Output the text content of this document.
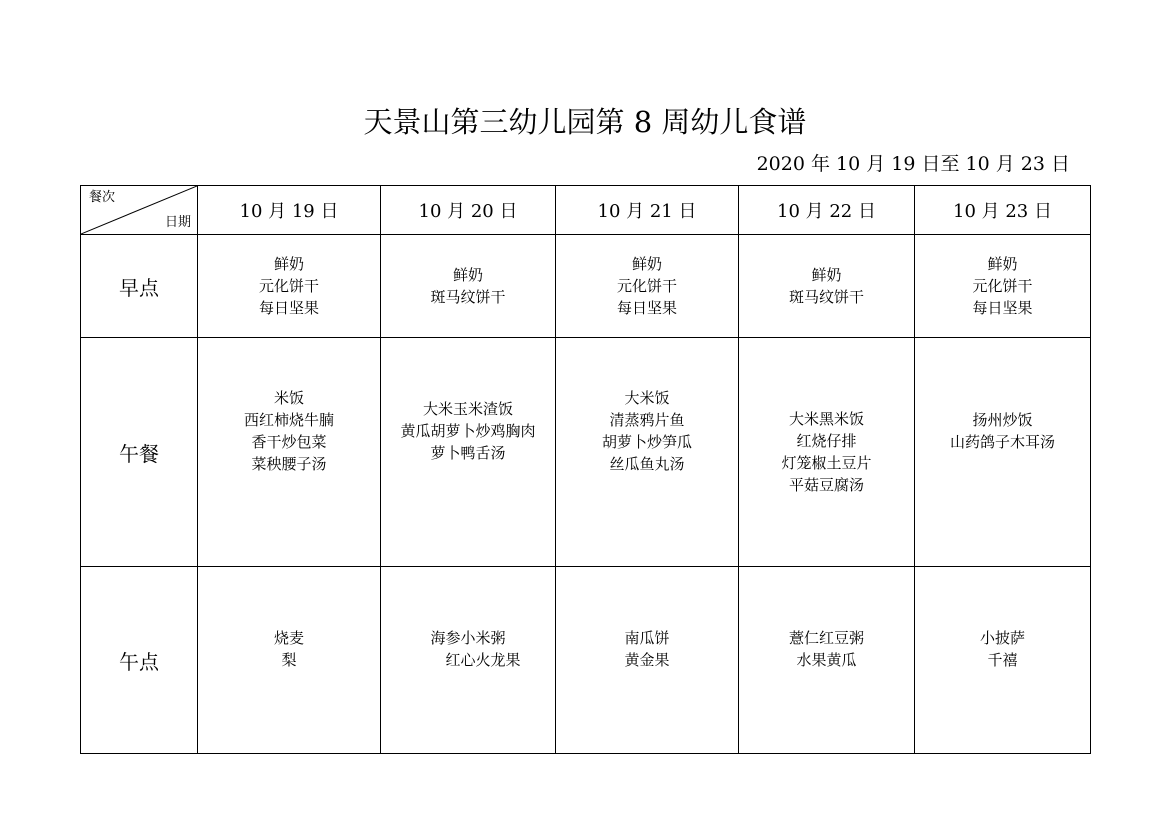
天景山第三幼儿园第 8 周幼儿食谱
2020 年 10 月 19 日至 10 月 23 日
餐次
日期	10 月 19 日	10 月 20 日	10 月 21 日	10 月 22 日	10 月 23 日
早点	鲜奶
元化饼干
每日坚果	鲜奶
斑马纹饼干	鲜奶
元化饼干
每日坚果	鲜奶
斑马纹饼干	鲜奶
元化饼干
每日坚果

午餐	米饭
西红柿烧牛腩
香干炒包菜
菜秧腰子汤	大米玉米渣饭
黄瓜胡萝卜炒鸡胸肉
萝卜鸭舌汤	大米饭
清蒸鸦片鱼
胡萝卜炒笋瓜
丝瓜鱼丸汤	大米黑米饭
红烧仔排
灯笼椒土豆片
平菇豆腐汤	扬州炒饭
山药鸽子木耳汤

午点	烧麦
梨	海参小米粥
红心火龙果	南瓜饼
黄金果	薏仁红豆粥
水果黄瓜	小披萨
千禧
